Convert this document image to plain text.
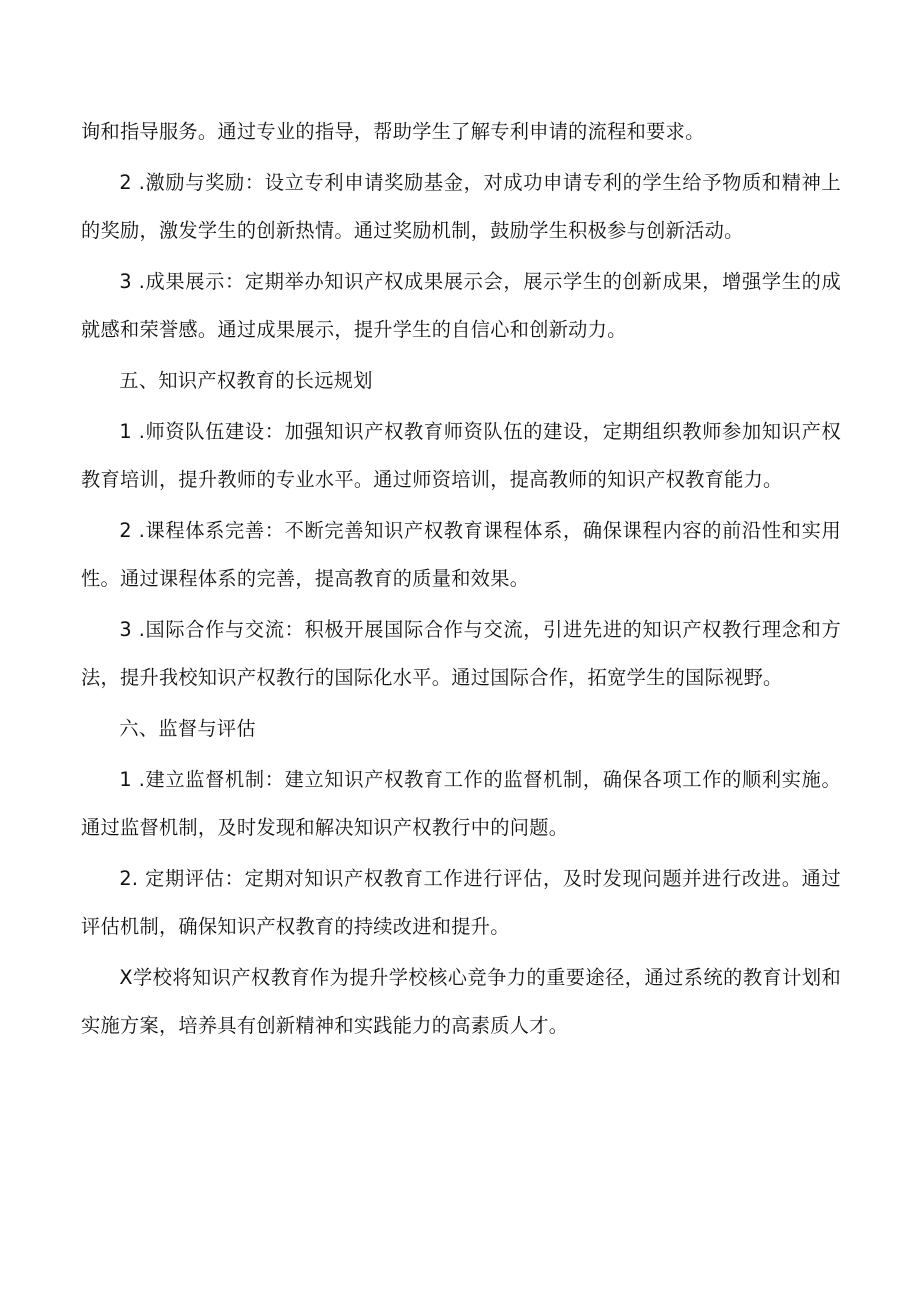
询和指导服务。通过专业的指导，帮助学生了解专利申请的流程和要求。

2 .激励与奖励：设立专利申请奖励基金，对成功申请专利的学生给予物质和精神上的奖励，激发学生的创新热情。通过奖励机制，鼓励学生积极参与创新活动。

3 .成果展示：定期举办知识产权成果展示会，展示学生的创新成果，增强学生的成就感和荣誉感。通过成果展示，提升学生的自信心和创新动力。

五、知识产权教育的长远规划

1 .师资队伍建设：加强知识产权教育师资队伍的建设，定期组织教师参加知识产权教育培训，提升教师的专业水平。通过师资培训，提高教师的知识产权教育能力。

2 .课程体系完善：不断完善知识产权教育课程体系，确保课程内容的前沿性和实用性。通过课程体系的完善，提高教育的质量和效果。

3 .国际合作与交流：积极开展国际合作与交流，引进先进的知识产权教行理念和方法，提升我校知识产权教行的国际化水平。通过国际合作，拓宽学生的国际视野。

六、监督与评估

1 .建立监督机制：建立知识产权教育工作的监督机制，确保各项工作的顺利实施。通过监督机制，及时发现和解决知识产权教行中的问题。

2. 定期评估：定期对知识产权教育工作进行评估，及时发现问题并进行改进。通过评估机制，确保知识产权教育的持续改进和提升。

X学校将知识产权教育作为提升学校核心竞争力的重要途径，通过系统的教育计划和实施方案，培养具有创新精神和实践能力的高素质人才。
